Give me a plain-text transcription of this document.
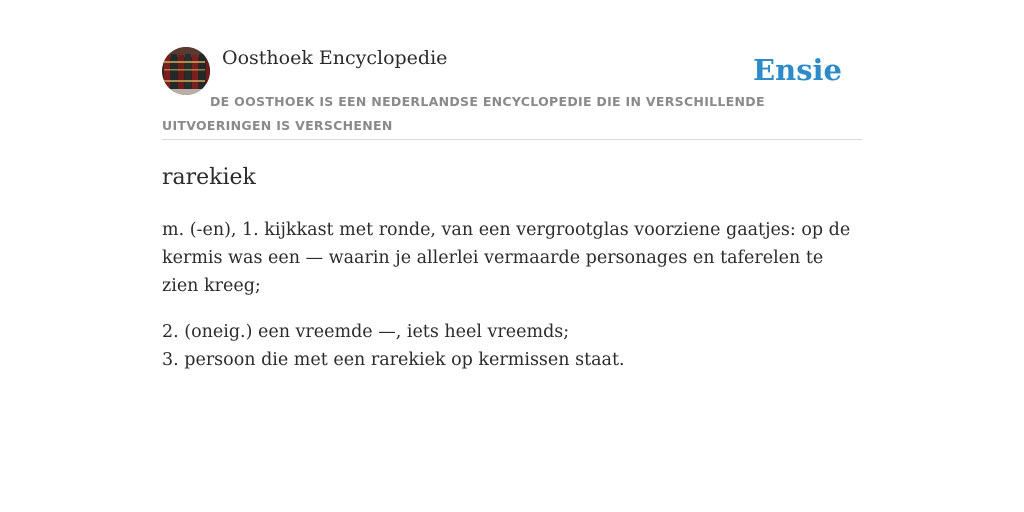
Oosthoek Encyclopedie	Ensie
DE OOSTHOEK IS EEN NEDERLANDSE ENCYCLOPEDIE DIE IN VERSCHILLENDE UITVOERINGEN IS VERSCHENEN
rarekiek

m. (-en), 1. kijkkast met ronde, van een vergrootglas voorziene gaatjes: op de kermis was een — waarin je allerlei vermaarde personages en taferelen te zien kreeg;

2. (oneig.) een vreemde —, iets heel vreemds;
3. persoon die met een rarekiek op kermissen staat.
